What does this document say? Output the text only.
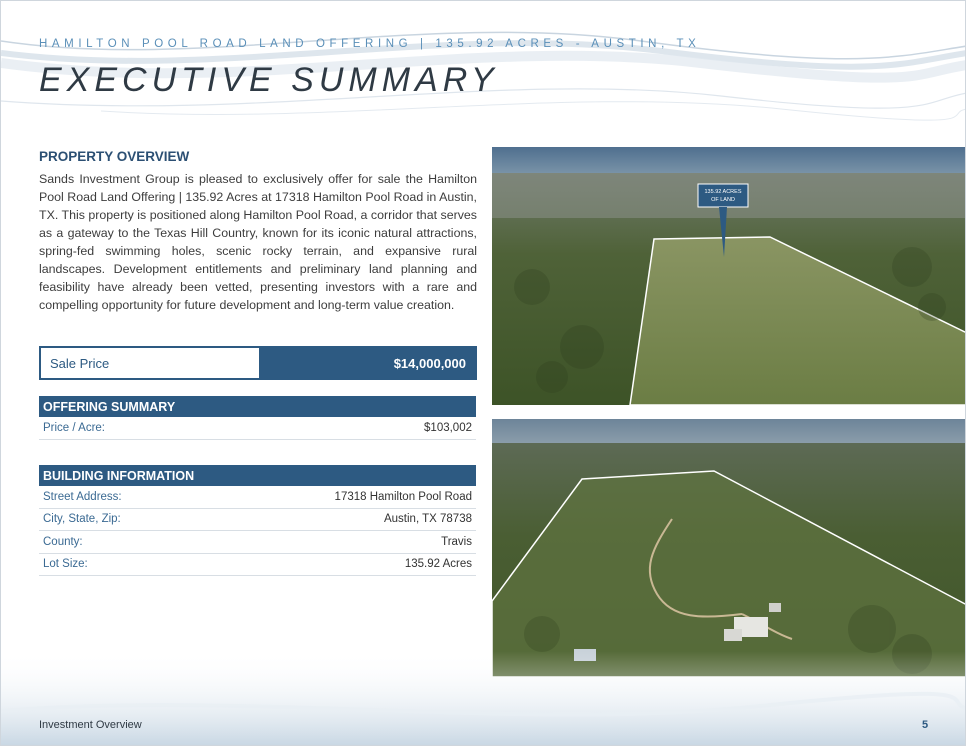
HAMILTON POOL ROAD LAND OFFERING | 135.92 ACRES - AUSTIN, TX
EXECUTIVE SUMMARY
PROPERTY OVERVIEW

Sands Investment Group is pleased to exclusively offer for sale the Hamilton Pool Road Land Offering | 135.92 Acres at 17318 Hamilton Pool Road in Austin, TX. This property is positioned along Hamilton Pool Road, a corridor that serves as a gateway to the Texas Hill Country, known for its iconic natural attractions, spring-fed swimming holes, scenic rocky terrain, and expansive rural landscapes. Development entitlements and preliminary land planning and feasibility have already been vetted, presenting investors with a rare and compelling opportunity for future development and long-term value creation.

Sale Price	$14,000,000
OFFERING SUMMARY
Price / Acre:	$103,002
BUILDING INFORMATION
Street Address:	17318 Hamilton Pool Road
City, State, Zip:	Austin, TX 78738
County:	Travis
Lot Size:	135.92 Acres
135.92 ACRES
OF LAND
Investment Overview	5
